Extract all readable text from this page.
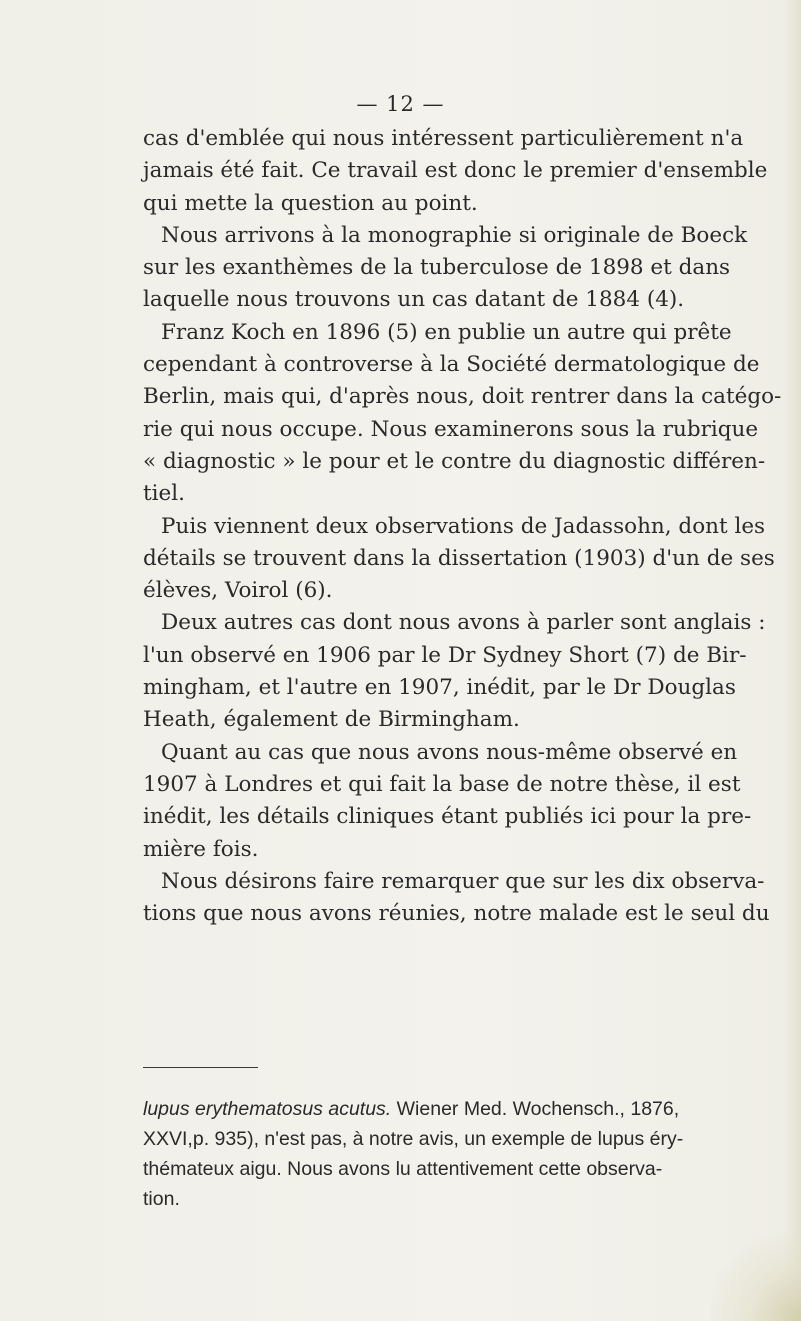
— 12 —
cas d'emblée qui nous intéressent particulièrement n'a
jamais été fait. Ce travail est donc le premier d'ensemble
qui mette la question au point.
Nous arrivons à la monographie si originale de Boeck
sur les exanthèmes de la tuberculose de 1898 et dans
laquelle nous trouvons un cas datant de 1884 (4).
Franz Koch en 1896 (5) en publie un autre qui prête
cependant à controverse à la Société dermatologique de
Berlin, mais qui, d'après nous, doit rentrer dans la catégo-
rie qui nous occupe. Nous examinerons sous la rubrique
« diagnostic » le pour et le contre du diagnostic différen-
tiel.
Puis viennent deux observations de Jadassohn, dont les
détails se trouvent dans la dissertation (1903) d'un de ses
élèves, Voirol (6).
Deux autres cas dont nous avons à parler sont anglais :
l'un observé en 1906 par le Dr Sydney Short (7) de Bir-
mingham, et l'autre en 1907, inédit, par le Dr Douglas
Heath, également de Birmingham.
Quant au cas que nous avons nous-même observé en
1907 à Londres et qui fait la base de notre thèse, il est
inédit, les détails cliniques étant publiés ici pour la pre-
mière fois.
Nous désirons faire remarquer que sur les dix observa-
tions que nous avons réunies, notre malade est le seul du
lupus erythematosus acutus. Wiener Med. Wochensch., 1876,
XXVI,p. 935), n'est pas, à notre avis, un exemple de lupus éry-
thémateux aigu. Nous avons lu attentivement cette observa-
tion.
